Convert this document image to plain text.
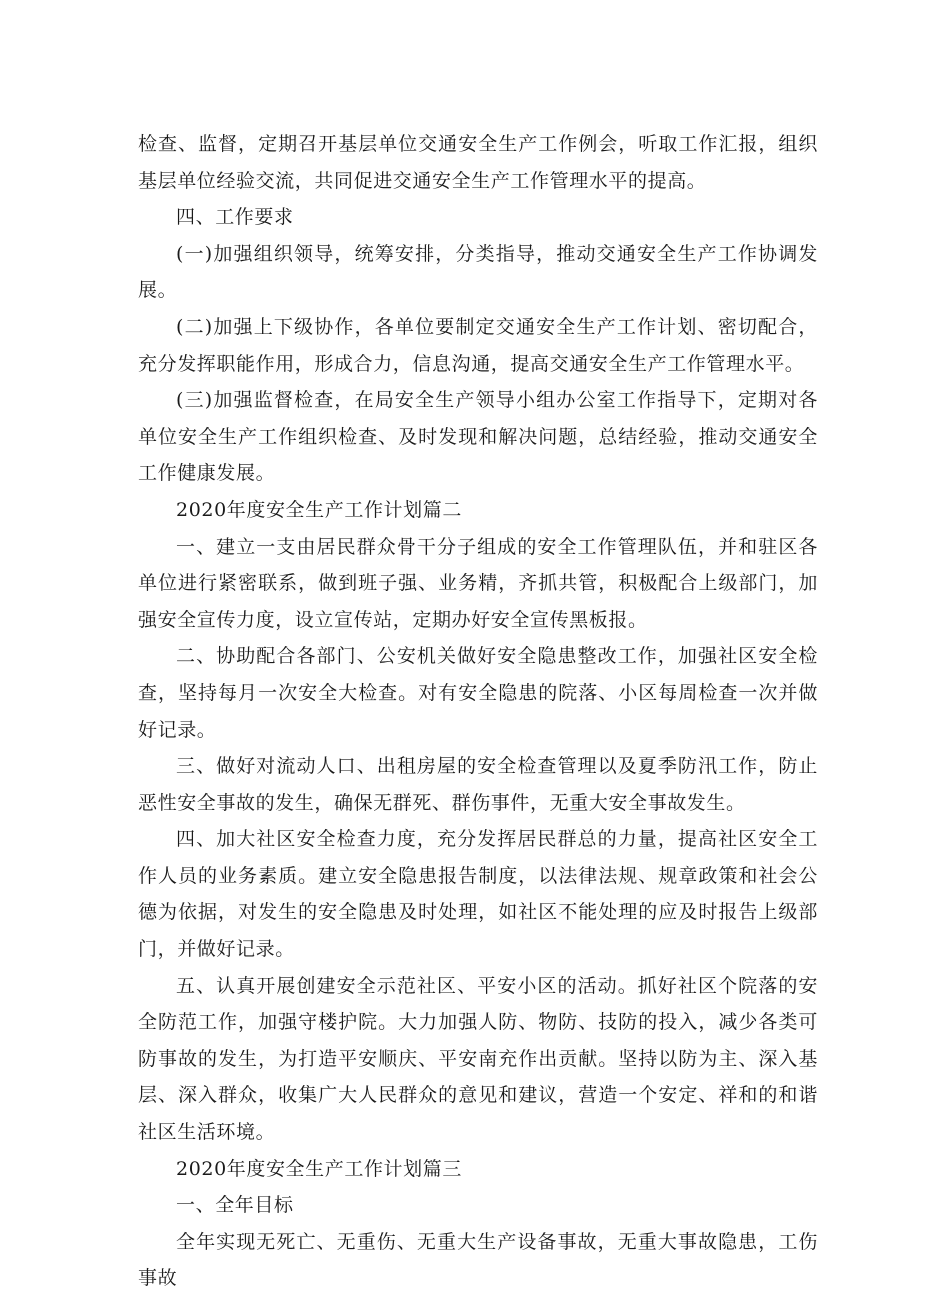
检查、监督，定期召开基层单位交通安全生产工作例会，听取工作汇报，组织基层单位经验交流，共同促进交通安全生产工作管理水平的提高。

四、工作要求

(一)加强组织领导，统筹安排，分类指导，推动交通安全生产工作协调发展。

(二)加强上下级协作，各单位要制定交通安全生产工作计划、密切配合，充分发挥职能作用，形成合力，信息沟通，提高交通安全生产工作管理水平。

(三)加强监督检查，在局安全生产领导小组办公室工作指导下，定期对各单位安全生产工作组织检查、及时发现和解决问题，总结经验，推动交通安全工作健康发展。

2020年度安全生产工作计划篇二

一、建立一支由居民群众骨干分子组成的安全工作管理队伍，并和驻区各单位进行紧密联系，做到班子强、业务精，齐抓共管，积极配合上级部门，加强安全宣传力度，设立宣传站，定期办好安全宣传黑板报。

二、协助配合各部门、公安机关做好安全隐患整改工作，加强社区安全检查，坚持每月一次安全大检查。对有安全隐患的院落、小区每周检查一次并做好记录。

三、做好对流动人口、出租房屋的安全检查管理以及夏季防汛工作，防止恶性安全事故的发生，确保无群死、群伤事件，无重大安全事故发生。

四、加大社区安全检查力度，充分发挥居民群总的力量，提高社区安全工作人员的业务素质。建立安全隐患报告制度，以法律法规、规章政策和社会公德为依据，对发生的安全隐患及时处理，如社区不能处理的应及时报告上级部门，并做好记录。

五、认真开展创建安全示范社区、平安小区的活动。抓好社区个院落的安全防范工作，加强守楼护院。大力加强人防、物防、技防的投入，减少各类可防事故的发生，为打造平安顺庆、平安南充作出贡献。坚持以防为主、深入基层、深入群众，收集广大人民群众的意见和建议，营造一个安定、祥和的和谐社区生活环境。

2020年度安全生产工作计划篇三

一、全年目标

全年实现无死亡、无重伤、无重大生产设备事故，无重大事故隐患，工伤事故
